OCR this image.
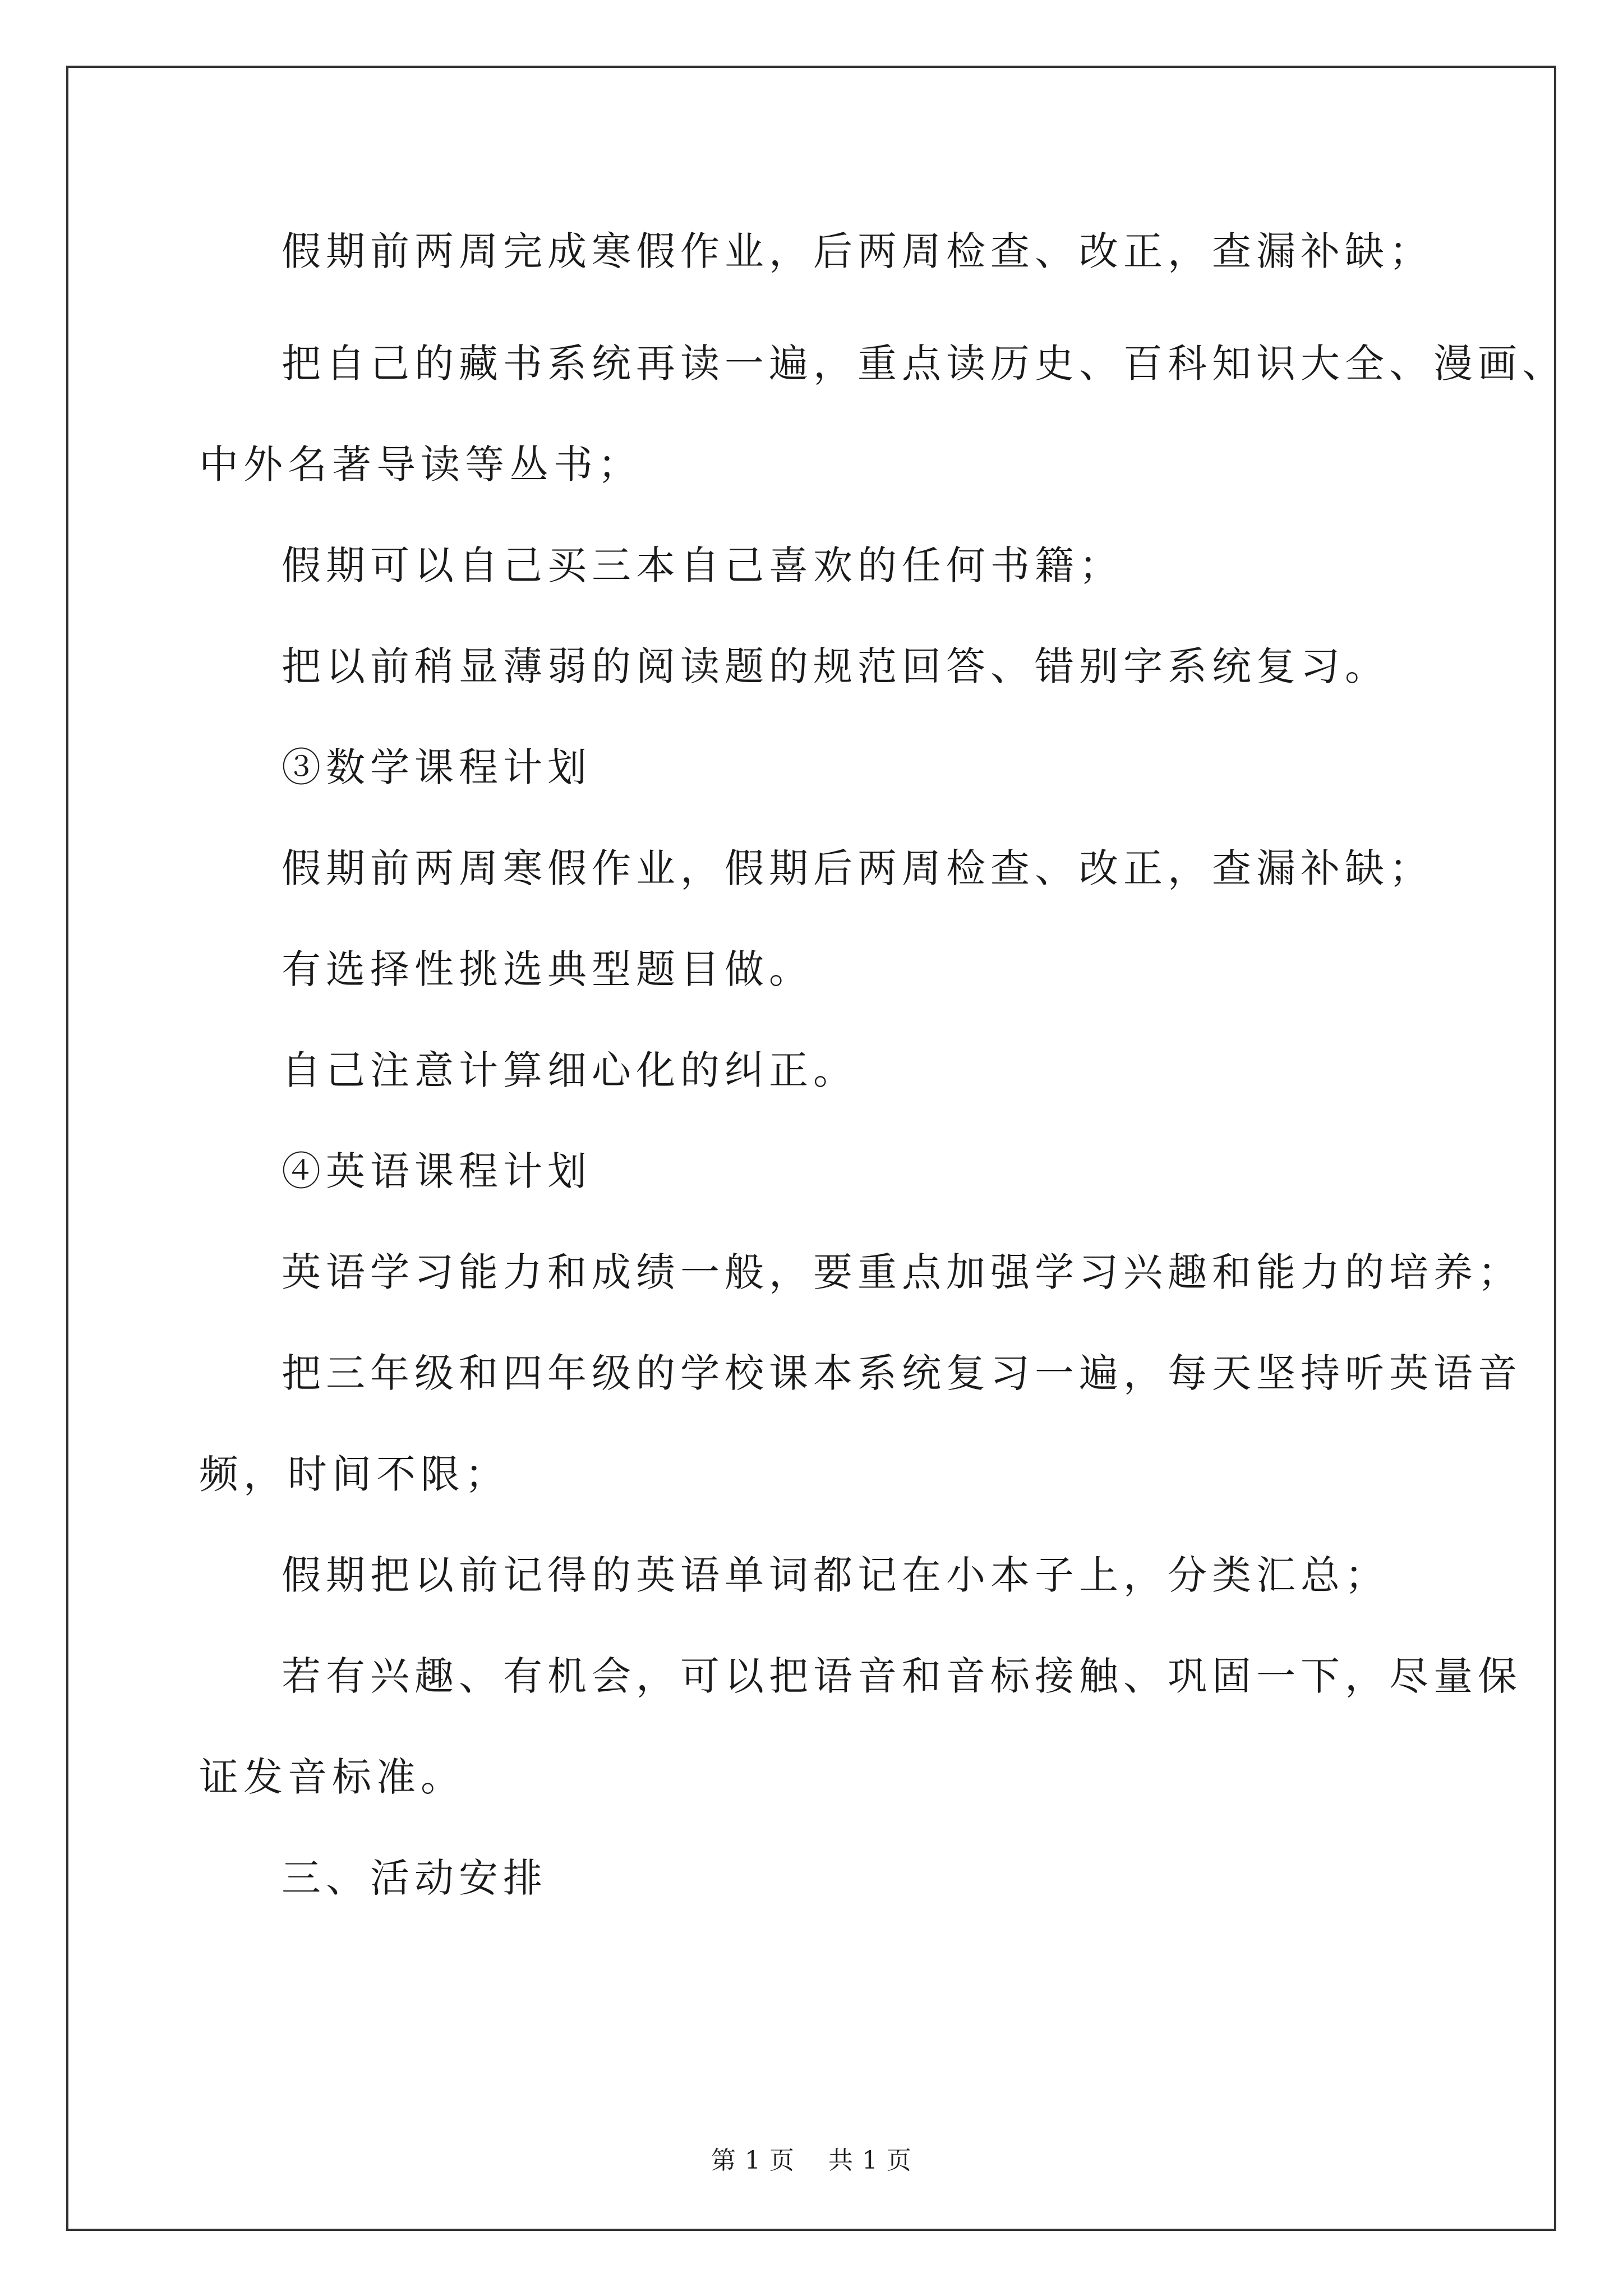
假期前两周完成寒假作业，后两周检查、改正，查漏补缺；

把自己的藏书系统再读一遍，重点读历史、百科知识大全、漫画、

中外名著导读等丛书；

假期可以自己买三本自己喜欢的任何书籍；

把以前稍显薄弱的阅读题的规范回答、错别字系统复习。

③数学课程计划

假期前两周寒假作业，假期后两周检查、改正，查漏补缺；

有选择性挑选典型题目做。

自己注意计算细心化的纠正。

④英语课程计划

英语学习能力和成绩一般，要重点加强学习兴趣和能力的培养；

把三年级和四年级的学校课本系统复习一遍，每天坚持听英语音

频，时间不限；

假期把以前记得的英语单词都记在小本子上，分类汇总；

若有兴趣、有机会，可以把语音和音标接触、巩固一下，尽量保

证发音标准。

三、活动安排

第 1 页 共 1 页
